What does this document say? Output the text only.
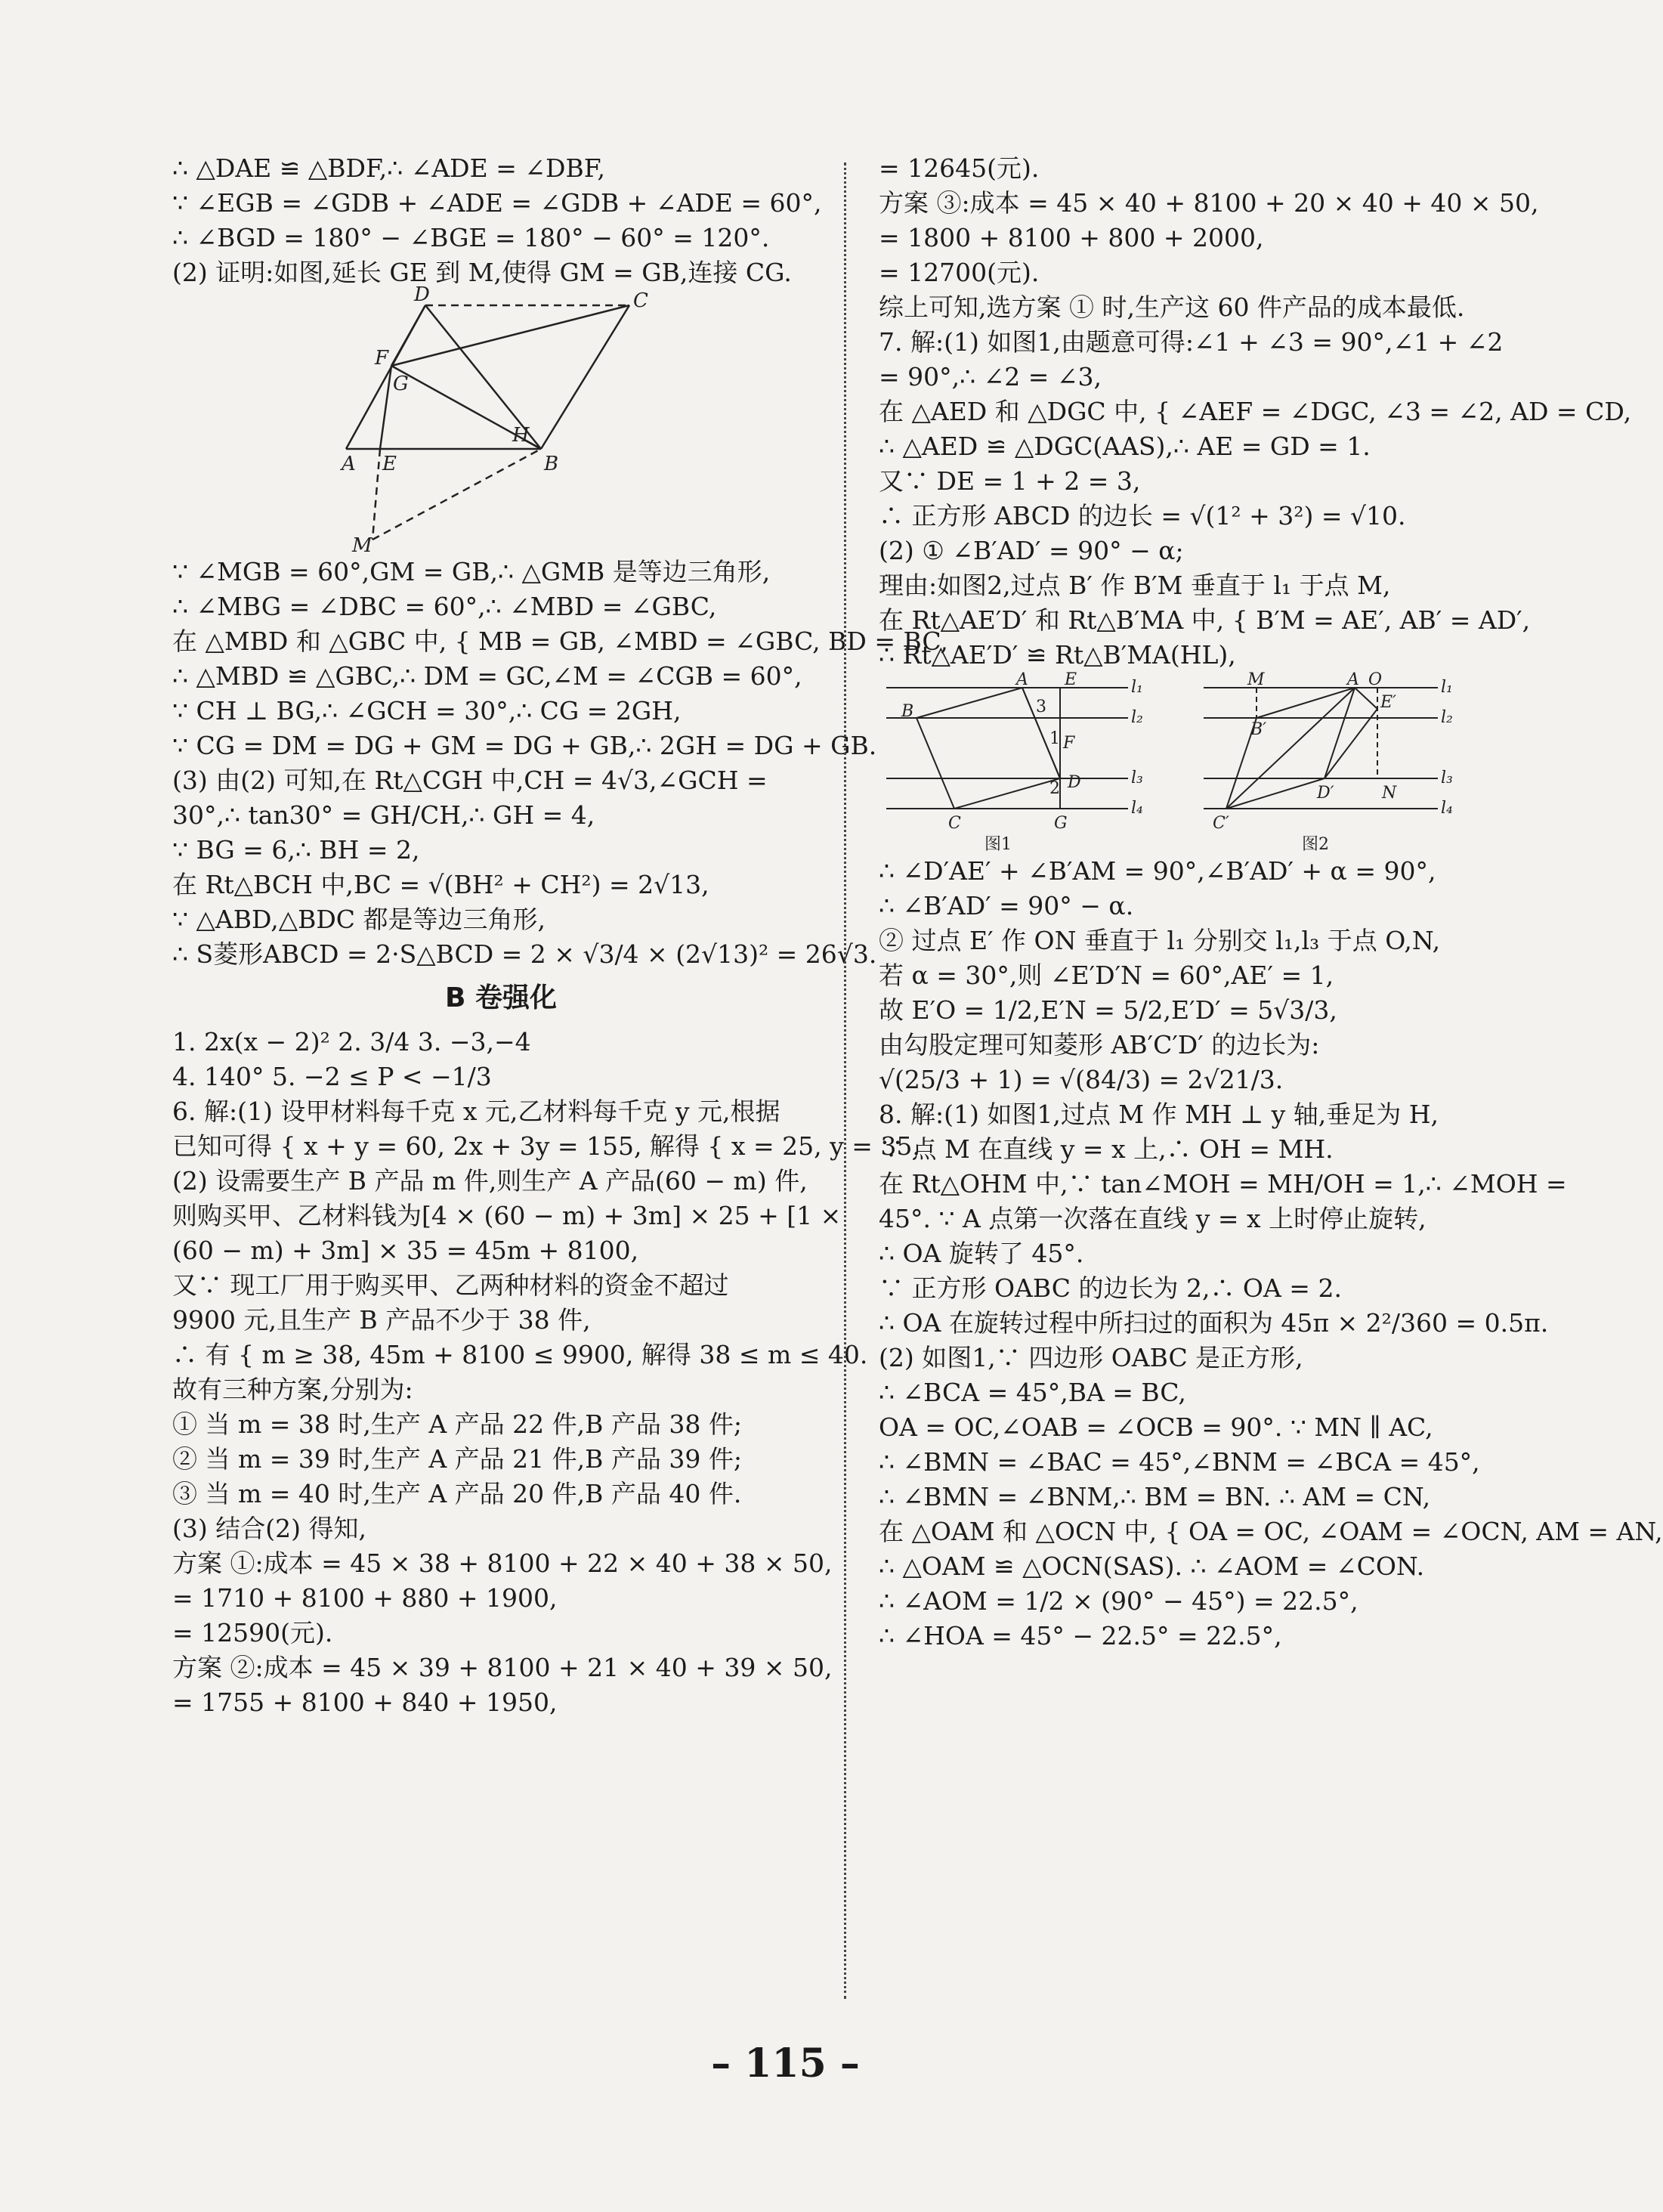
∴ △DAE ≌ △BDF,∴ ∠ADE = ∠DBF,
∵ ∠EGB = ∠GDB + ∠ADE = ∠GDB + ∠ADE = 60°,
∴ ∠BGD = 180° − ∠BGE = 180° − 60° = 120°.
(2) 证明:如图,延长 GE 到 M,使得 GM = GB,连接 CG.
D	C
F
G
H
A E	B
M
∵ ∠MGB = 60°,GM = GB,∴ △GMB 是等边三角形,
∴ ∠MBG = ∠DBC = 60°,∴ ∠MBD = ∠GBC,
在 △MBD 和 △GBC 中, { MB = GB, ∠MBD = ∠GBC, BD = BC,
∴ △MBD ≌ △GBC,∴ DM = GC,∠M = ∠CGB = 60°,
∵ CH ⊥ BG,∴ ∠GCH = 30°,∴ CG = 2GH,
∵ CG = DM = DG + GM = DG + GB,∴ 2GH = DG + GB.
(3) 由(2) 可知,在 Rt△CGH 中,CH = 4√3,∠GCH =
30°,∴ tan30° = GH/CH,∴ GH = 4,
∵ BG = 6,∴ BH = 2,
在 Rt△BCH 中,BC = √(BH² + CH²) = 2√13,
∵ △ABD,△BDC 都是等边三角形,
∴ S菱形ABCD = 2·S△BCD = 2 × √3/4 × (2√13)² = 26√3.
B 卷强化
1. 2x(x − 2)² 2. 3/4 3. −3,−4
4. 140° 5. −2 ≤ P < −1/3
6. 解:(1) 设甲材料每千克 x 元,乙材料每千克 y 元,根据
已知可得 { x + y = 60, 2x + 3y = 155, 解得 { x = 25, y = 35.
(2) 设需要生产 B 产品 m 件,则生产 A 产品(60 − m) 件,
则购买甲、乙材料钱为[4 × (60 − m) + 3m] × 25 + [1 ×
(60 − m) + 3m] × 35 = 45m + 8100,
又∵ 现工厂用于购买甲、乙两种材料的资金不超过
9900 元,且生产 B 产品不少于 38 件,
∴ 有 { m ≥ 38, 45m + 8100 ≤ 9900, 解得 38 ≤ m ≤ 40.
故有三种方案,分别为:
① 当 m = 38 时,生产 A 产品 22 件,B 产品 38 件;
② 当 m = 39 时,生产 A 产品 21 件,B 产品 39 件;
③ 当 m = 40 时,生产 A 产品 20 件,B 产品 40 件.
(3) 结合(2) 得知,
方案 ①:成本 = 45 × 38 + 8100 + 22 × 40 + 38 × 50,
= 1710 + 8100 + 880 + 1900,
= 12590(元).
方案 ②:成本 = 45 × 39 + 8100 + 21 × 40 + 39 × 50,
= 1755 + 8100 + 840 + 1950,
= 12645(元).
方案 ③:成本 = 45 × 40 + 8100 + 20 × 40 + 40 × 50,
= 1800 + 8100 + 800 + 2000,
= 12700(元).
综上可知,选方案 ① 时,生产这 60 件产品的成本最低.
7. 解:(1) 如图1,由题意可得:∠1 + ∠3 = 90°,∠1 + ∠2
= 90°,∴ ∠2 = ∠3,
在 △AED 和 △DGC 中, { ∠AEF = ∠DGC, ∠3 = ∠2, AD = CD,
∴ △AED ≌ △DGC(AAS),∴ AE = GD = 1.
又∵ DE = 1 + 2 = 3,
∴ 正方形 ABCD 的边长 = √(1² + 3²) = √10.
(2) ① ∠B′AD′ = 90° − α;
理由:如图2,过点 B′ 作 B′M 垂直于 l₁ 于点 M,
在 Rt△AE′D′ 和 Rt△B′MA 中, { B′M = AE′, AB′ = AD′,
∴ Rt△AE′D′ ≌ Rt△B′MA(HL),
A E	l₁
B	3
l₂
1 F
l₃
2 D
C	G
l₄
图1
M	A O	l₁
B′
E′
l₂
l₃
D′	N
C′
l₄
图2
∴ ∠D′AE′ + ∠B′AM = 90°,∠B′AD′ + α = 90°,
∴ ∠B′AD′ = 90° − α.
② 过点 E′ 作 ON 垂直于 l₁ 分别交 l₁,l₃ 于点 O,N,
若 α = 30°,则 ∠E′D′N = 60°,AE′ = 1,
故 E′O = 1/2,E′N = 5/2,E′D′ = 5√3/3,
由勾股定理可知菱形 AB′C′D′ 的边长为:
√(25/3 + 1) = √(84/3) = 2√21/3.
8. 解:(1) 如图1,过点 M 作 MH ⊥ y 轴,垂足为 H,
∵ 点 M 在直线 y = x 上,∴ OH = MH.
在 Rt△OHM 中,∵ tan∠MOH = MH/OH = 1,∴ ∠MOH =
45°. ∵ A 点第一次落在直线 y = x 上时停止旋转,
∴ OA 旋转了 45°.
∵ 正方形 OABC 的边长为 2,∴ OA = 2.
∴ OA 在旋转过程中所扫过的面积为 45π × 2²/360 = 0.5π.
(2) 如图1,∵ 四边形 OABC 是正方形,
∴ ∠BCA = 45°,BA = BC,
OA = OC,∠OAB = ∠OCB = 90°. ∵ MN ∥ AC,
∴ ∠BMN = ∠BAC = 45°,∠BNM = ∠BCA = 45°,
∴ ∠BMN = ∠BNM,∴ BM = BN. ∴ AM = CN,
在 △OAM 和 △OCN 中, { OA = OC, ∠OAM = ∠OCN, AM = AN,
∴ △OAM ≌ △OCN(SAS). ∴ ∠AOM = ∠CON.
∴ ∠AOM = 1/2 × (90° − 45°) = 22.5°,
∴ ∠HOA = 45° − 22.5° = 22.5°,
– 115 –
